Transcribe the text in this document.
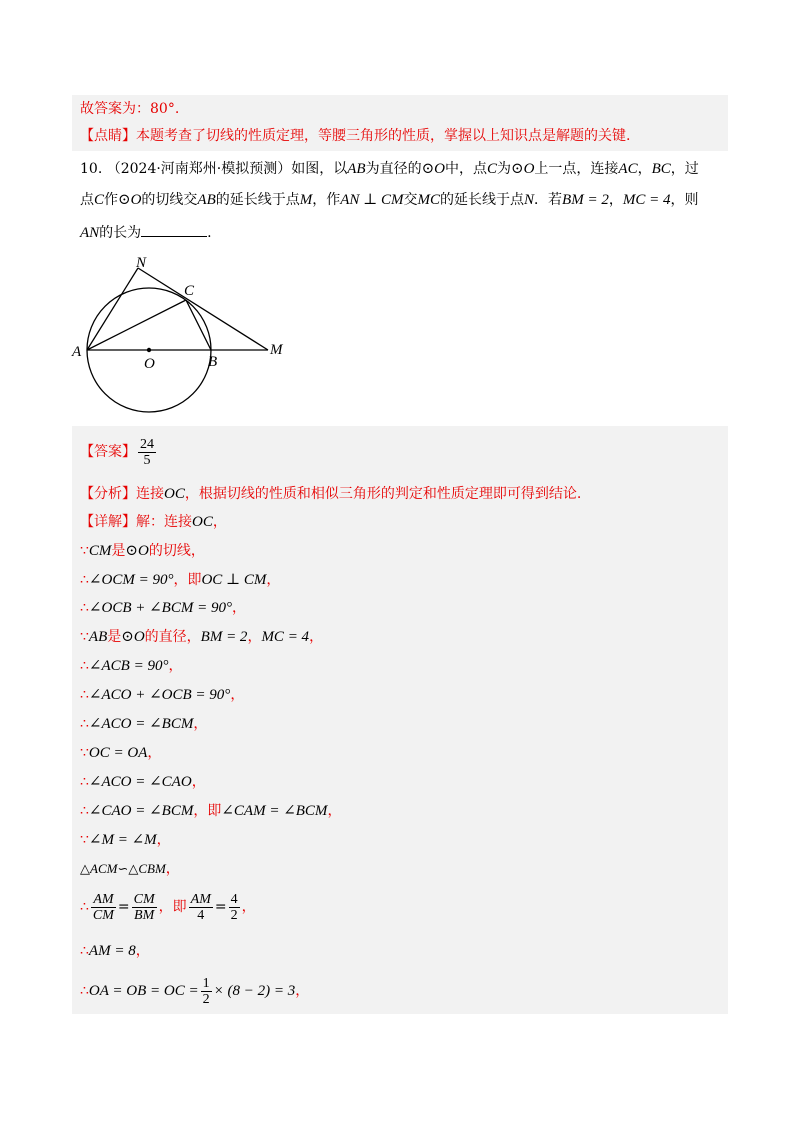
故答案为：80°.
【点睛】本题考查了切线的性质定理，等腰三角形的性质，掌握以上知识点是解题的关键.
10. （2024·河南郑州·模拟预测）如图，以AB为直径的⊙O中，点C为⊙O上一点，连接AC，BC，过
点C作⊙O的切线交AB的延长线于点M，作AN ⊥ CM交MC的延长线于点N．若BM = 2，MC = 4，则
AN的长为	.
N
C
A
O	B
M
【答案】 $\frac{24}{5}$
【分析】连接OC，根据切线的性质和相似三角形的判定和性质定理即可得到结论.
【详解】解：连接OC，
∵CM是⊙O的切线，
∴∠OCM = 90°，即OC ⊥ CM，
∴∠OCB + ∠BCM = 90°，
∵AB是⊙O的直径，BM = 2，MC = 4，
∴∠ACB = 90°，
∴∠ACO + ∠OCB = 90°，
∴∠ACO = ∠BCM，
∵OC = OA，
∴∠ACO = ∠CAO，
∴∠CAO = ∠BCM，即∠CAM = ∠BCM，
∵∠M = ∠M，
△ACM∽△CBM，
∴ $\frac{AM}{CM} = \frac{CM}{BM}$ ，即 $\frac{AM}{4} = \frac{4}{2}$ ，
∴AM = 8，
∴OA = OB = OC = $\frac{1}{2} \times (8 - 2) = 3$，
